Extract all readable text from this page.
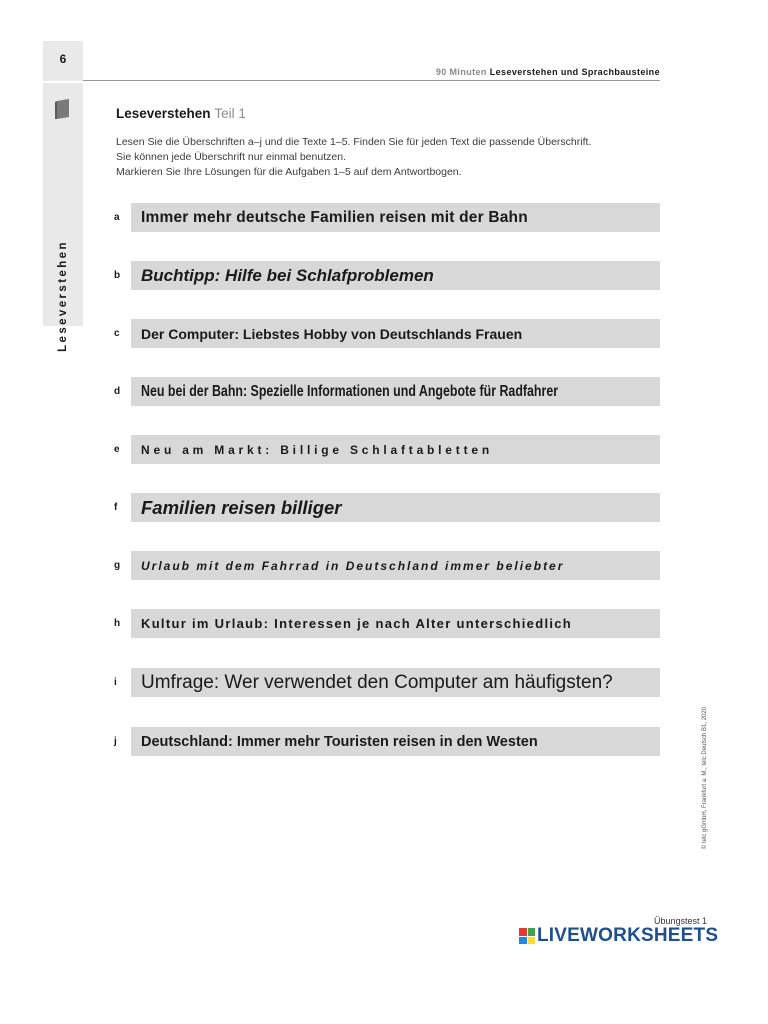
6
Leseverstehen
90 Minuten Leseverstehen und Sprachbausteine
Leseverstehen Teil 1
Lesen Sie die Überschriften a–j und die Texte 1–5. Finden Sie für jeden Text die passende Überschrift.
Sie können jede Überschrift nur einmal benutzen.
Markieren Sie Ihre Lösungen für die Aufgaben 1–5 auf dem Antwortbogen.
a Immer mehr deutsche Familien reisen mit der Bahn
b Buchtipp: Hilfe bei Schlafproblemen
c Der Computer: Liebstes Hobby von Deutschlands Frauen
d Neu bei der Bahn: Spezielle Informationen und Angebote für Radfahrer
e Neu am Markt: Billige Schlaftabletten
f Familien reisen billiger
g Urlaub mit dem Fahrrad in Deutschland immer beliebter
h Kultur im Urlaub: Interessen je nach Alter unterschiedlich
i Umfrage: Wer verwendet den Computer am häufigsten?
j Deutschland: Immer mehr Touristen reisen in den Westen	© telc gGmbH, Frankfurt a. M., telc Deutsch B1, 2020
Übungstest 1
LIVEWORKSHEETS
